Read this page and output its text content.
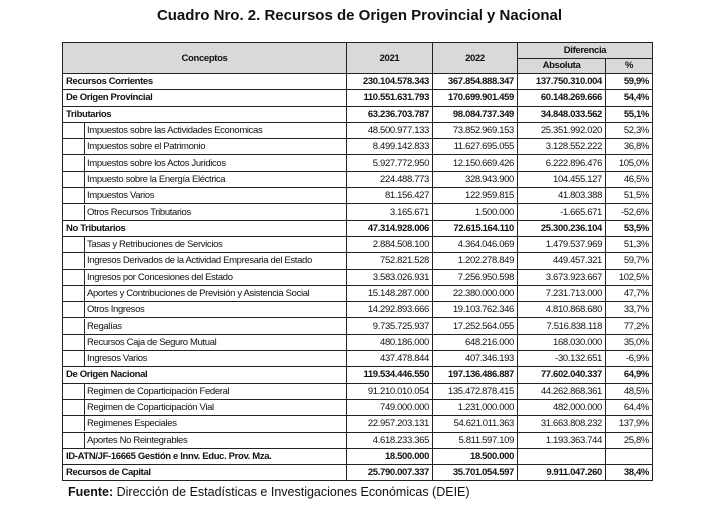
Cuadro Nro. 2. Recursos de Origen Provincial y Nacional
Conceptos	2021	2022	Diferencia	
			Absoluta	%
Recursos Corrientes	230.104.578.343	367.854.888.347	137.750.310.004	59,9%
De Origen Provincial	110.551.631.793	170.699.901.459	60.148.269.666	54,4%
Tributarios	63.236.703.787	98.084.737.349	34.848.033.562	55,1%
Impuestos sobre las Actividades Economicas	48.500.977.133	73.852.969.153	25.351.992.020	52,3%
Impuestos sobre el Patrimonio	8.499.142.833	11.627.695.055	3.128.552.222	36,8%
Impuestos sobre los Actos Juridicos	5.927.772.950	12.150.669.426	6.222.896.476	105,0%
Impuesto sobre la Energía Eléctrica	224.488.773	328.943.900	104.455.127	46,5%
Impuestos Varios	81.156.427	122.959.815	41.803.388	51,5%
Otros Recursos Tributarios	3.165.671	1.500.000	-1.665.671	-52,6%
No Tributarios	47.314.928.006	72.615.164.110	25.300.236.104	53,5%
Tasas y Retribuciones de Servicios	2.884.508.100	4.364.046.069	1.479.537.969	51,3%
Ingresos Derivados de la Actividad Empresaria del Estado	752.821.528	1.202.278.849	449.457.321	59,7%
Ingresos por Concesiones del Estado	3.583.026.931	7.256.950.598	3.673.923.667	102,5%
Aportes y Contribuciones de Previsión y Asistencia Social	15.148.287.000	22.380.000.000	7.231.713.000	47,7%
Otros Ingresos	14.292.893.666	19.103.762.346	4.810.868.680	33,7%
Regalías	9.735.725.937	17.252.564.055	7.516.838.118	77,2%
Recursos Caja de Seguro Mutual	480.186.000	648.216.000	168.030.000	35,0%
Ingresos Varios	437.478.844	407.346.193	-30.132.651	-6,9%
De Origen Nacional	119.534.446.550	197.136.486.887	77.602.040.337	64,9%
Regimen de Coparticipación Federal	91.210.010.054	135.472.878.415	44.262.868.361	48,5%
Regimen de Coparticipación Vial	749.000.000	1.231.000.000	482.000.000	64,4%
Regimenes Especiales	22.957.203.131	54.621.011.363	31.663.808.232	137,9%
Aportes No Reintegrables	4.618.233.365	5.811.597.109	1.193.363.744	25,8%
ID-ATN/JF-16665 Gestión e Innv. Educ. Prov. Mza.	18.500.000	18.500.000		
Recursos de Capital	25.790.007.337	35.701.054.597	9.911.047.260	38,4%
Fuente: Dirección de Estadísticas e Investigaciones Económicas (DEIE)
